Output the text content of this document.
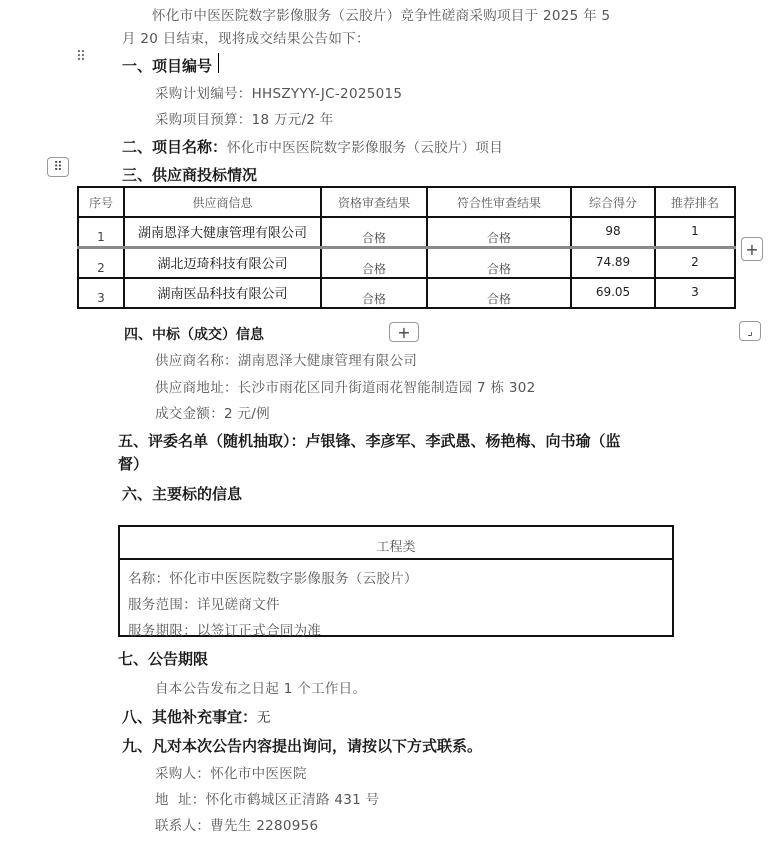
怀化市中医医院数字影像服务（云胶片）竞争性磋商采购项目于 2025 年 5
月 20 日结束，现将成交结果公告如下：
⠿	一、项目编号
采购计划编号：HHSZYYY-JC-2025015
采购项目预算：18 万元/2 年
二、项目名称：怀化市中医医院数字影像服务（云胶片）项目
⠿	三、供应商投标情况
序号	供应商信息	资格审查结果	符合性审查结果	综合得分	推荐排名
1	湖南恩泽大健康管理有限公司	合格	合格	98	1
2	湖北迈琦科技有限公司	合格	合格	74.89	2
3	湖南医品科技有限公司	合格	合格	69.05	3
+
+	⌟
四、中标（成交）信息
供应商名称：湖南恩泽大健康管理有限公司
供应商地址：长沙市雨花区同升街道雨花智能制造园 7 栋 302
成交金额：2 元/例
五、评委名单（随机抽取）：卢银锋、李彦军、李武愚、杨艳梅、向书瑜（监
督）
六、主要标的信息
工程类
名称：怀化市中医医院数字影像服务（云胶片）
服务范围：详见磋商文件
服务期限：以签订正式合同为准
七、公告期限
自本公告发布之日起 1 个工作日。
八、其他补充事宜：无
九、凡对本次公告内容提出询问，请按以下方式联系。
采购人：怀化市中医医院
地  址：怀化市鹤城区正清路 431 号
联系人：曹先生 2280956
